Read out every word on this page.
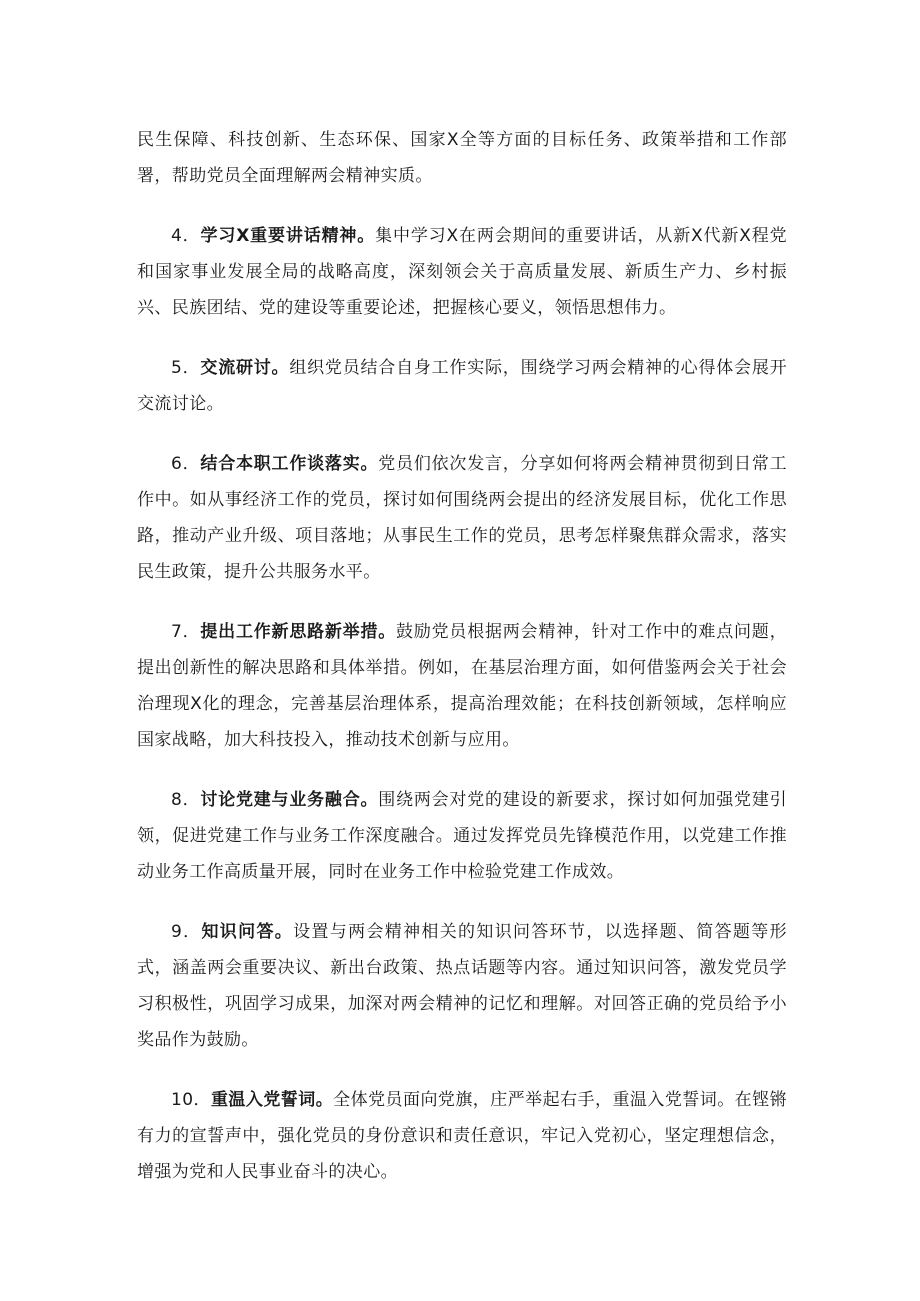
民生保障、科技创新、生态环保、国家X全等方面的目标任务、政策举措和工作部署，帮助党员全面理解两会精神实质。

4．学习X重要讲话精神。集中学习X在两会期间的重要讲话，从新X代新X程党和国家事业发展全局的战略高度，深刻领会关于高质量发展、新质生产力、乡村振兴、民族团结、党的建设等重要论述，把握核心要义，领悟思想伟力。

5．交流研讨。组织党员结合自身工作实际，围绕学习两会精神的心得体会展开交流讨论。

6．结合本职工作谈落实。党员们依次发言，分享如何将两会精神贯彻到日常工作中。如从事经济工作的党员，探讨如何围绕两会提出的经济发展目标，优化工作思路，推动产业升级、项目落地；从事民生工作的党员，思考怎样聚焦群众需求，落实民生政策，提升公共服务水平。

7．提出工作新思路新举措。鼓励党员根据两会精神，针对工作中的难点问题，提出创新性的解决思路和具体举措。例如，在基层治理方面，如何借鉴两会关于社会治理现X化的理念，完善基层治理体系，提高治理效能；在科技创新领域，怎样响应国家战略，加大科技投入，推动技术创新与应用。

8．讨论党建与业务融合。围绕两会对党的建设的新要求，探讨如何加强党建引领，促进党建工作与业务工作深度融合。通过发挥党员先锋模范作用，以党建工作推动业务工作高质量开展，同时在业务工作中检验党建工作成效。

9．知识问答。设置与两会精神相关的知识问答环节，以选择题、简答题等形式，涵盖两会重要决议、新出台政策、热点话题等内容。通过知识问答，激发党员学习积极性，巩固学习成果，加深对两会精神的记忆和理解。对回答正确的党员给予小奖品作为鼓励。

10．重温入党誓词。全体党员面向党旗，庄严举起右手，重温入党誓词。在铿锵有力的宣誓声中，强化党员的身份意识和责任意识，牢记入党初心，坚定理想信念，增强为党和人民事业奋斗的决心。
